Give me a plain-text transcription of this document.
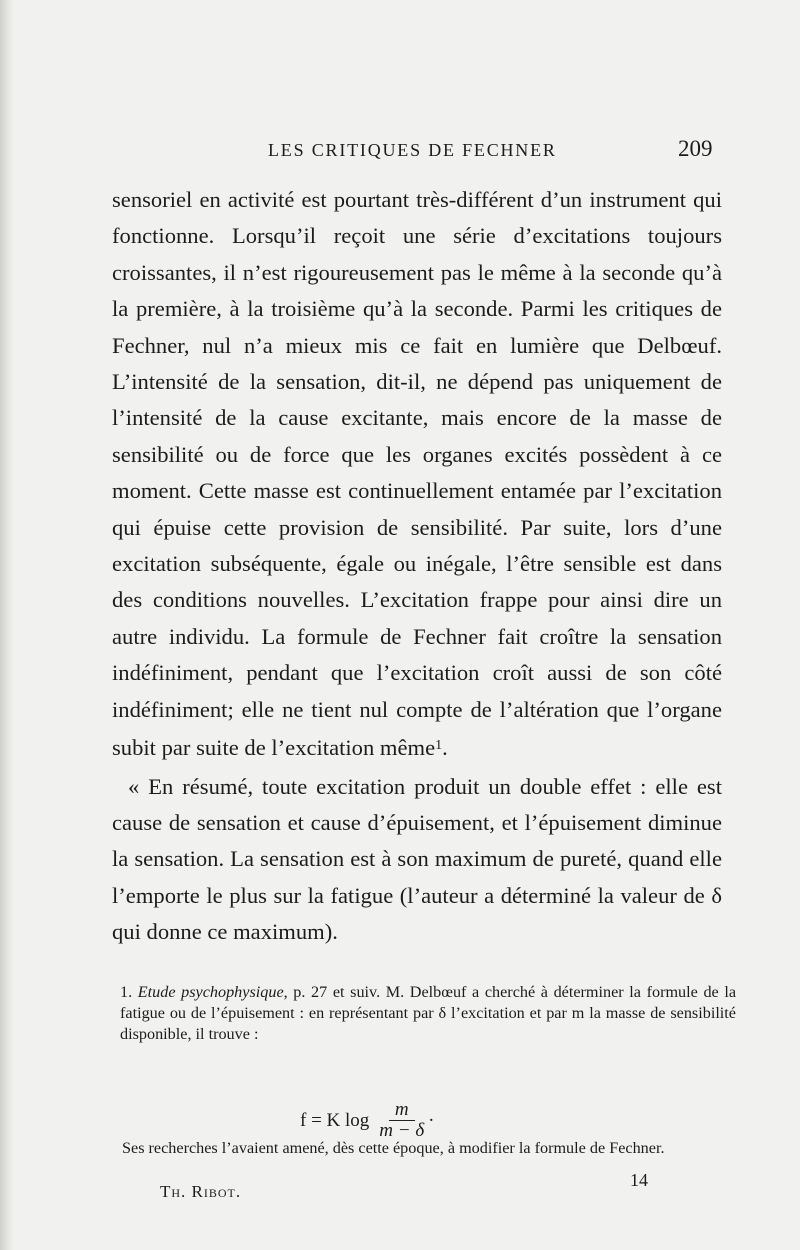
LES CRITIQUES DE FECHNER	209

sensoriel en activité est pourtant très-différent d’un instrument qui fonctionne. Lorsqu’il reçoit une série d’excitations toujours croissantes, il n’est rigoureusement pas le même à la seconde qu’à la première, à la troisième qu’à la seconde. Parmi les critiques de Fechner, nul n’a mieux mis ce fait en lumière que Delbœuf. L’intensité de la sensation, dit-il, ne dépend pas uniquement de l’intensité de la cause excitante, mais encore de la masse de sensibilité ou de force que les organes excités possèdent à ce moment. Cette masse est continuellement entamée par l’excitation qui épuise cette provision de sensibilité. Par suite, lors d’une excitation subséquente, égale ou inégale, l’être sensible est dans des conditions nouvelles. L’excitation frappe pour ainsi dire un autre individu. La formule de Fechner fait croître la sensation indéfiniment, pendant que l’excitation croît aussi de son côté indéfiniment; elle ne tient nul compte de l’altération que l’organe subit par suite de l’excitation même$^1$.

« En résumé, toute excitation produit un double effet : elle est cause de sensation et cause d’épuisement, et l’épuisement diminue la sensation. La sensation est à son maximum de pureté, quand elle l’emporte le plus sur la fatigue (l’auteur a déterminé la valeur de δ qui donne ce maximum).

1. Etude psychophysique, p. 27 et suiv. M. Delbœuf a cherché à déterminer la formule de la fatigue ou de l’épuisement : en représentant par δ l’excitation et par m la masse de sensibilité disponible, il trouve :

f = K $\log \frac{m}{m - \delta}$ ·
Ses recherches l’avaient amené, dès cette époque, à modifier la formule de Fechner.
Th. Ribot.
14
